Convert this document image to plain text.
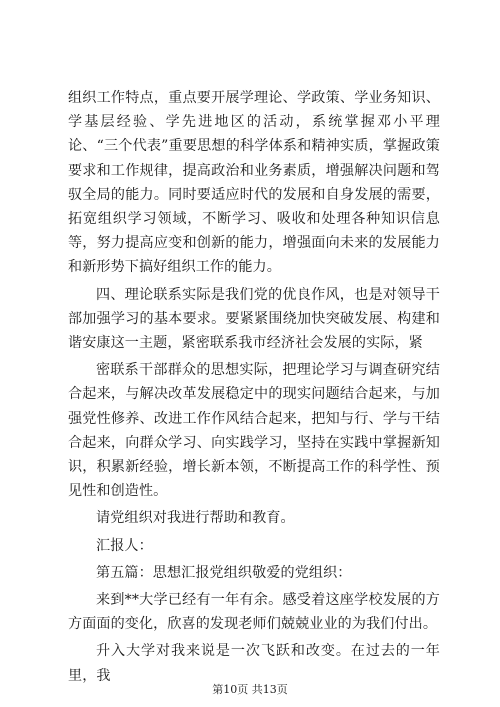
组织工作特点，重点要开展学理论、学政策、学业务知识、学基层经验、学先进地区的活动，系统掌握邓小平理论、“三个代表”重要思想的科学体系和精神实质，掌握政策要求和工作规律，提高政治和业务素质，增强解决问题和驾驭全局的能力。同时要适应时代的发展和自身发展的需要，拓宽组织学习领域，不断学习、吸收和处理各种知识信息等，努力提高应变和创新的能力，增强面向未来的发展能力和新形势下搞好组织工作的能力。

四、理论联系实际是我们党的优良作风，也是对领导干部加强学习的基本要求。要紧紧围绕加快突破发展、构建和谐安康这一主题，紧密联系我市经济社会发展的实际，紧

密联系干部群众的思想实际，把理论学习与调查研究结合起来，与解决改革发展稳定中的现实问题结合起来，与加强党性修养、改进工作作风结合起来，把知与行、学与干结合起来，向群众学习、向实践学习，坚持在实践中掌握新知识，积累新经验，增长新本领，不断提高工作的科学性、预见性和创造性。

请党组织对我进行帮助和教育。

汇报人：

第五篇：思想汇报党组织敬爱的党组织：

来到**大学已经有一年有余。感受着这座学校发展的方方面面的变化，欣喜的发现老师们兢兢业业的为我们付出。

升入大学对我来说是一次飞跃和改变。在过去的一年里，我

第10页 共13页
